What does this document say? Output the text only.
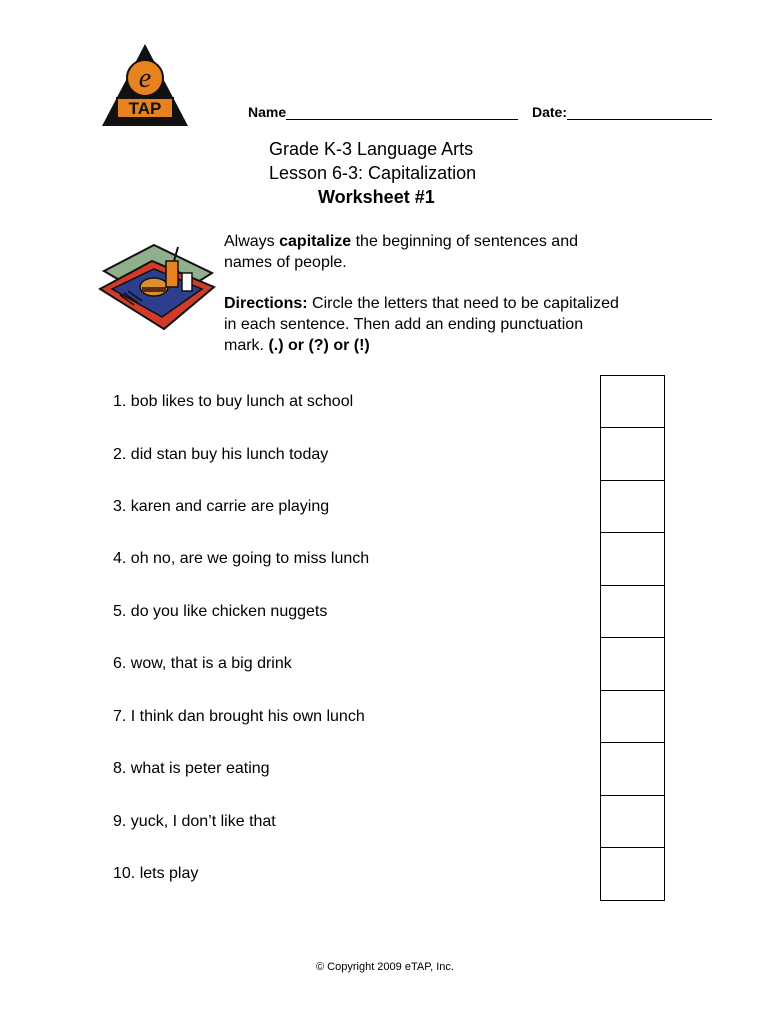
e
TAP	Name	Date:
Grade K-3 Language Arts
Lesson 6-3: Capitalization
Worksheet #1
Always capitalize the beginning of sentences and names of people.
Directions: Circle the letters that need to be capitalized in each sentence. Then add an ending punctuation mark. (.) or (?) or (!)
1. bob likes to buy lunch at school
2. did stan buy his lunch today
3. karen and carrie are playing
4. oh no, are we going to miss lunch
5. do you like chicken nuggets
6. wow, that is a big drink
7. I think dan brought his own lunch
8. what is peter eating
9. yuck, I don’t like that
10. lets play
© Copyright 2009 eTAP, Inc.
